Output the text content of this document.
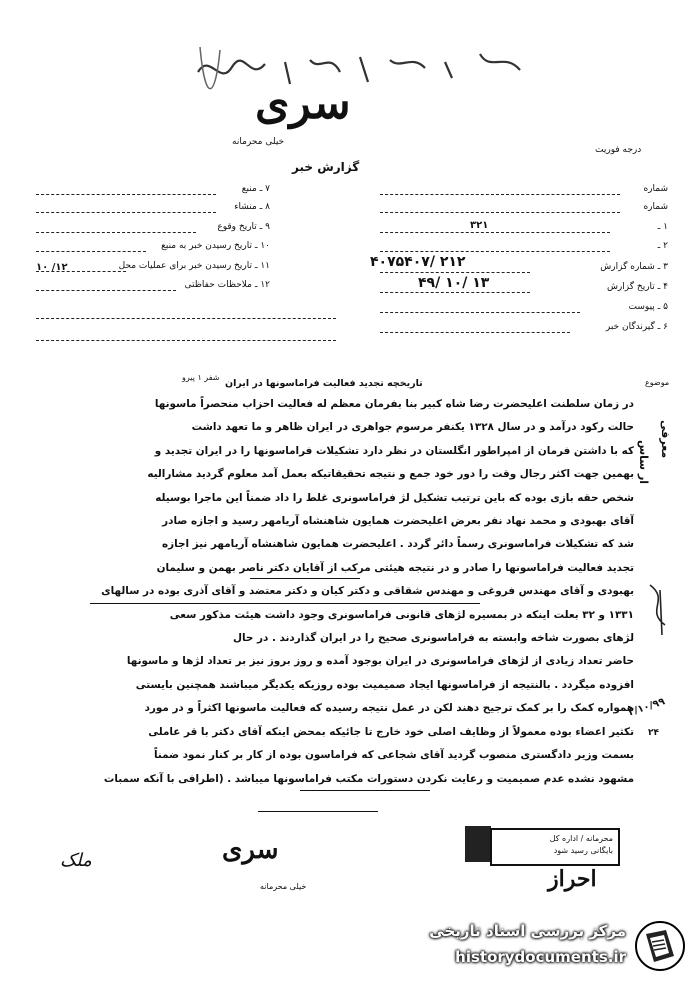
سری
خیلی محرمانه
گزارش خبر
درجه فوریت
شماره
شماره
۱ ـ
۳۲۱
۲ ـ
۳ ـ شماره گزارش
۲۱۲ /۴۰۷۵۴۰۷
۴ ـ تاریخ گزارش
۱۳ /۱۰ /۴۹
۵ ـ پیوست
۶ ـ گیرندگان خبر
۷ ـ منبع
۸ ـ منشاء
۹ ـ تاریخ وقوع
۱۰ ـ تاریخ رسیدن خبر به منبع
۱۱ ـ تاریخ رسیدن خبر برای عملیات محل
۱۰ /۱۲
۱۲ ـ ملاحظات حفاظتی
موضوع
تاریخچه تجدید فعالیت فراماسونها در ایران
شفر ۱ پیرو
در زمان سلطنت اعلیحضرت رضا شاه کبیر بنا بفرمان معظم له فعالیت احزاب منحصراً ماسونها
حالت رکود درآمد و در سال ۱۳۲۸ یکنفر مرسوم جواهری در ایران ظاهر و ما تعهد داشت
که با داشتن فرمان از امپراطور انگلستان در نظر دارد تشکیلات فراماسونها را در ایران تجدید و
بهمین جهت اکثر رجال وقت را دور خود جمع و نتیجه تحقیقاتیکه بعمل آمد معلوم گردید مشارالیه
شخص حقه بازی بوده که باین ترتیب تشکیل لژ فراماسونری غلط را داد ضمناً این ماجرا بوسیله
آقای بهبودی و محمد نهاد نفر بعرض اعلیحضرت همایون شاهنشاه آریامهر رسید و اجازه صادر
شد که تشکیلات فراماسونری رسماً دائر گردد . اعلیحضرت همایون شاهنشاه آریامهر نیز اجازه
تجدید فعالیت فراماسونها را صادر و در نتیجه هیئتی مرکب از آقایان دکتر ناصر بهمن و سلیمان
بهبودی و آقای مهندس فروغی و مهندس شقاقی و دکتر کیان و دکتر معتضد و آقای آذری بوده در سالهای
۱۳۳۱ و ۳۲ بعلت اینکه در بمسیره لژهای قانونی فراماسونری وجود داشت هیئت مذکور سعی
لژهای بصورت شاخه وابسته به فراماسونری صحیح را در ایران گذاردند . در حال
حاضر تعداد زیادی از لژهای فراماسونری در ایران بوجود آمده و روز بروز نیز بر تعداد لژها و ماسونها
افزوده میگردد . بالنتیجه از فراماسونها ایجاد صمیمیت بوده روزیکه یکدیگر میباشند همچنین بایستی
همواره کمک را بر کمک ترجیح دهند لکن در عمل نتیجه رسیده که فعالیت ماسونها اکثراً و در مورد
تکثیر اعضاء بوده معمولاً از وظایف اصلی خود خارج تا جائیکه بمحض اینکه آقای دکتر با قر عاملی
بسمت وزیر دادگستری منصوب گردید آقای شجاعی که فراماسون بوده از کار بر کنار نمود ضمناً
مشهود نشده عدم صمیمیت و رعایت نکردن دستورات مکتب فراماسونها میباشد . (اطرافی با آنکه سمبات
ار ساس
معرفی
۲/۱۰/۹۹
۲۴
سری
خیلی محرمانه
ملک
محرمانه / اداره کل
بایگانی رسید شود
احراز
مرکز بررسی اسناد تاریخی
historydocuments.ir
